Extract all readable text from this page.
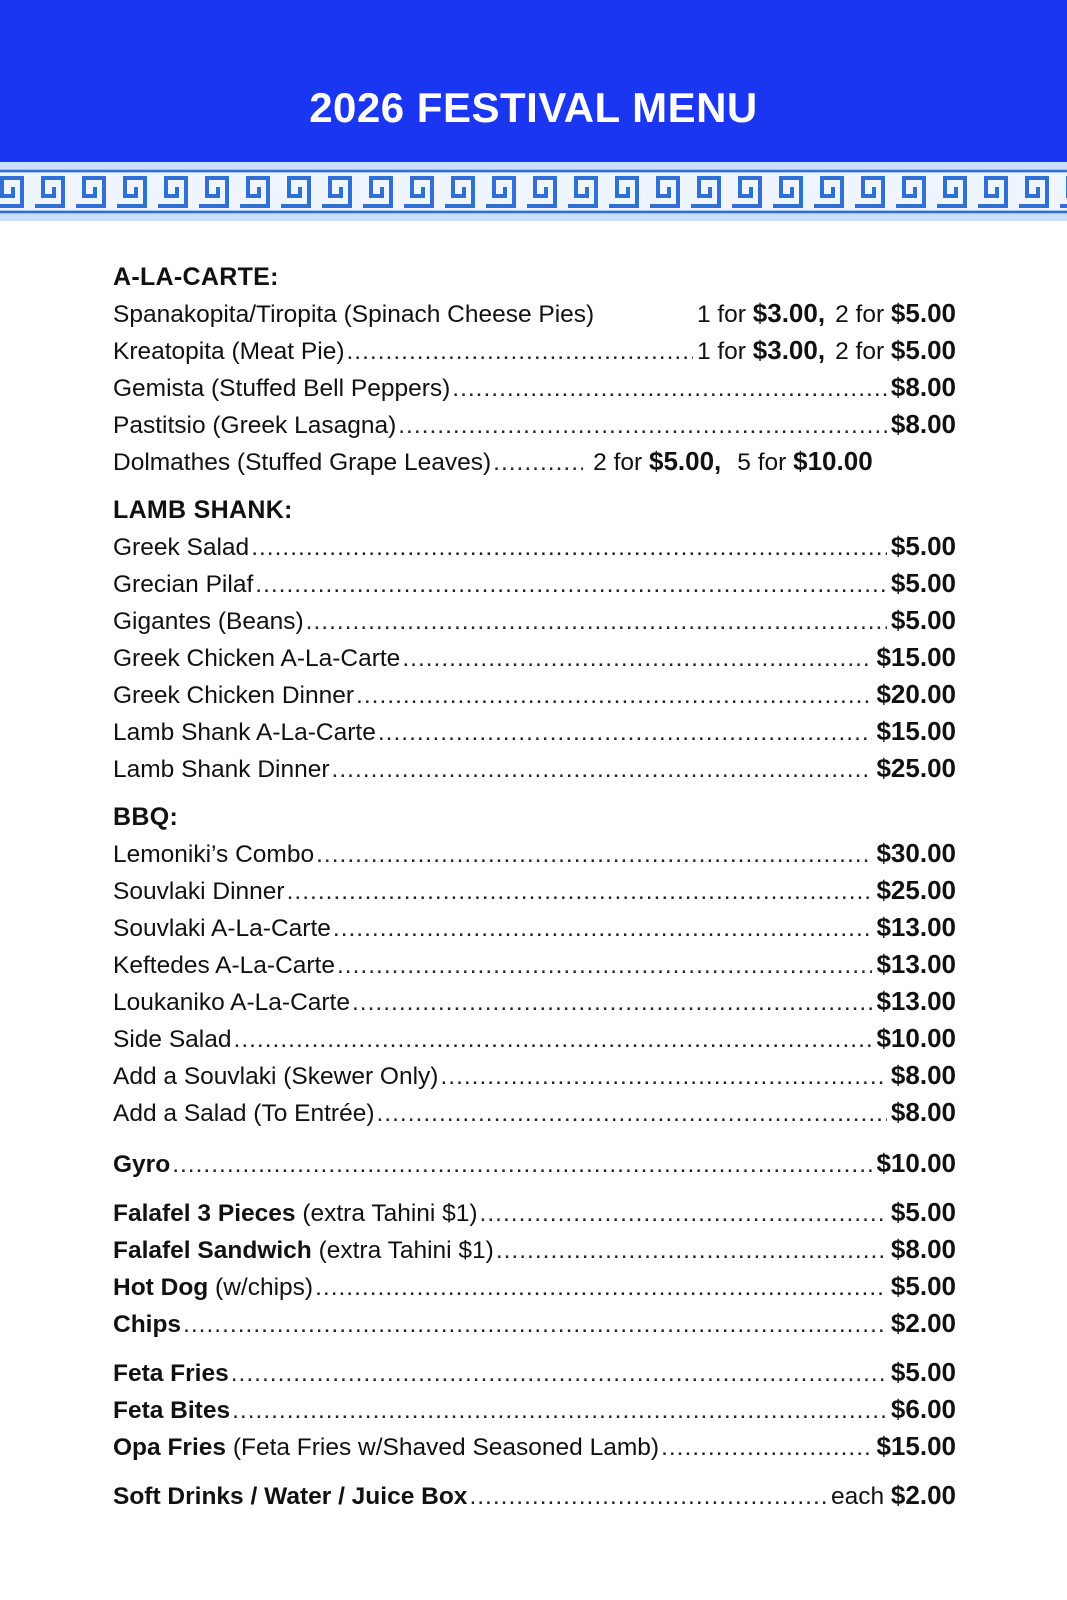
2026 FESTIVAL MENU
A-LA-CARTE:
Spanakopita/Tiropita (Spinach Cheese Pies)	1 for $3.00, 2 for $5.00
Kreatopita (Meat Pie) .....	1 for $3.00, 2 for $5.00
Gemista (Stuffed Bell Peppers) .....	$8.00
Pastitsio (Greek Lasagna) .....	$8.00
Dolmathes (Stuffed Grape Leaves) .....	2 for $5.00, 5 for $10.00
LAMB SHANK:
Greek Salad .....	$5.00
Grecian Pilaf .....	$5.00
Gigantes (Beans) .....	$5.00
Greek Chicken A-La-Carte .....	$15.00
Greek Chicken Dinner .....	$20.00
Lamb Shank A-La-Carte .....	$15.00
Lamb Shank Dinner .....	$25.00
BBQ:
Lemoniki’s Combo .....	$30.00
Souvlaki Dinner .....	$25.00
Souvlaki A-La-Carte .....	$13.00
Keftedes A-La-Carte .....	$13.00
Loukaniko A-La-Carte .....	$13.00
Side Salad .....	$10.00
Add a Souvlaki (Skewer Only) .....	$8.00
Add a Salad (To Entrée) .....	$8.00
Gyro .....	$10.00
Falafel 3 Pieces (extra Tahini $1) .....	$5.00
Falafel Sandwich (extra Tahini $1) .....	$8.00
Hot Dog (w/chips) .....	$5.00
Chips .....	$2.00
Feta Fries .....	$5.00
Feta Bites .....	$6.00
Opa Fries (Feta Fries w/Shaved Seasoned Lamb) .....	$15.00
Soft Drinks / Water / Juice Box .....	each $2.00
